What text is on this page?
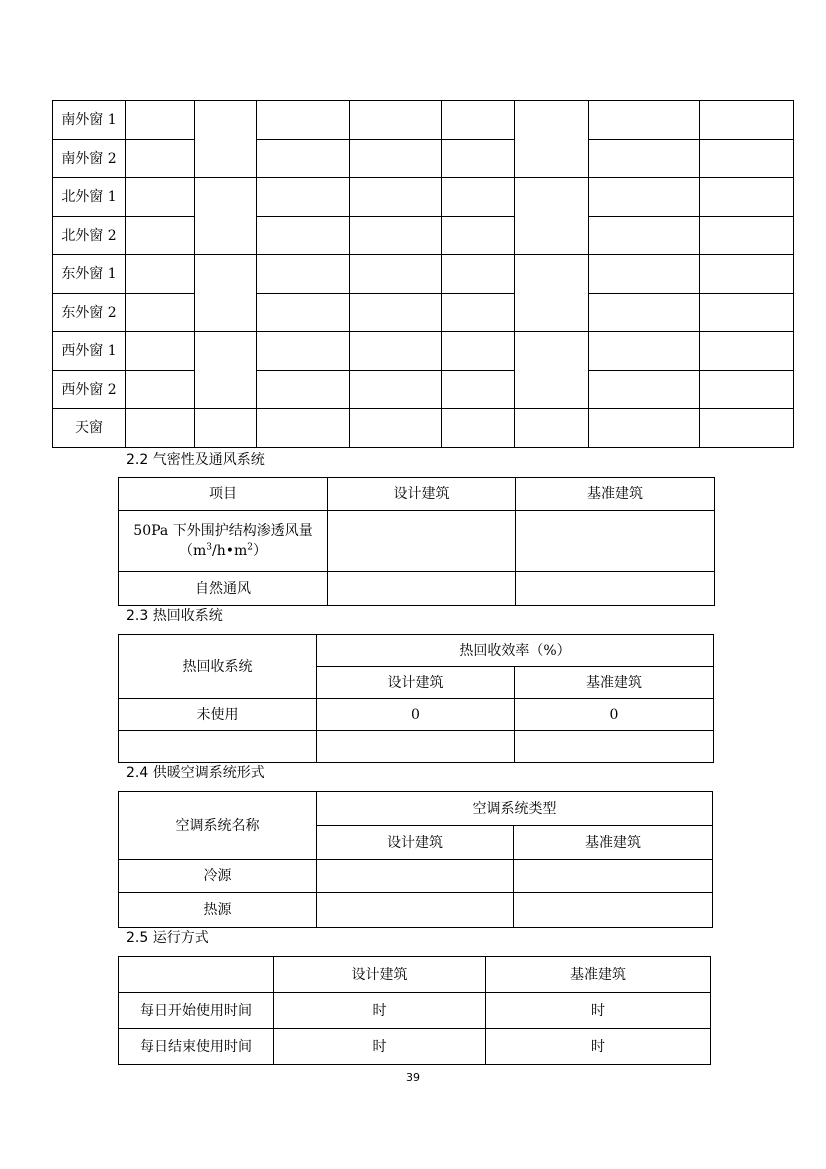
南外窗 1								
南外窗 2								
北外窗 1								
北外窗 2								
东外窗 1								
东外窗 2								
西外窗 1								
西外窗 2								
天窗								
2.2 气密性及通风系统
项目	设计建筑	基准建筑

50Pa 下外围护结构渗透风量
$(m^3/h•m^2)$		

自然通风		
2.3 热回收系统
热回收系统	热回收效率（%）	
	设计建筑	基准建筑
未使用	0	0

2.4 供暖空调系统形式
空调系统名称	空调系统类型	
	设计建筑	基准建筑
冷源		
热源		
2.5 运行方式
	设计建筑	基准建筑
每日开始使用时间	时	时
每日结束使用时间	时	时
39
